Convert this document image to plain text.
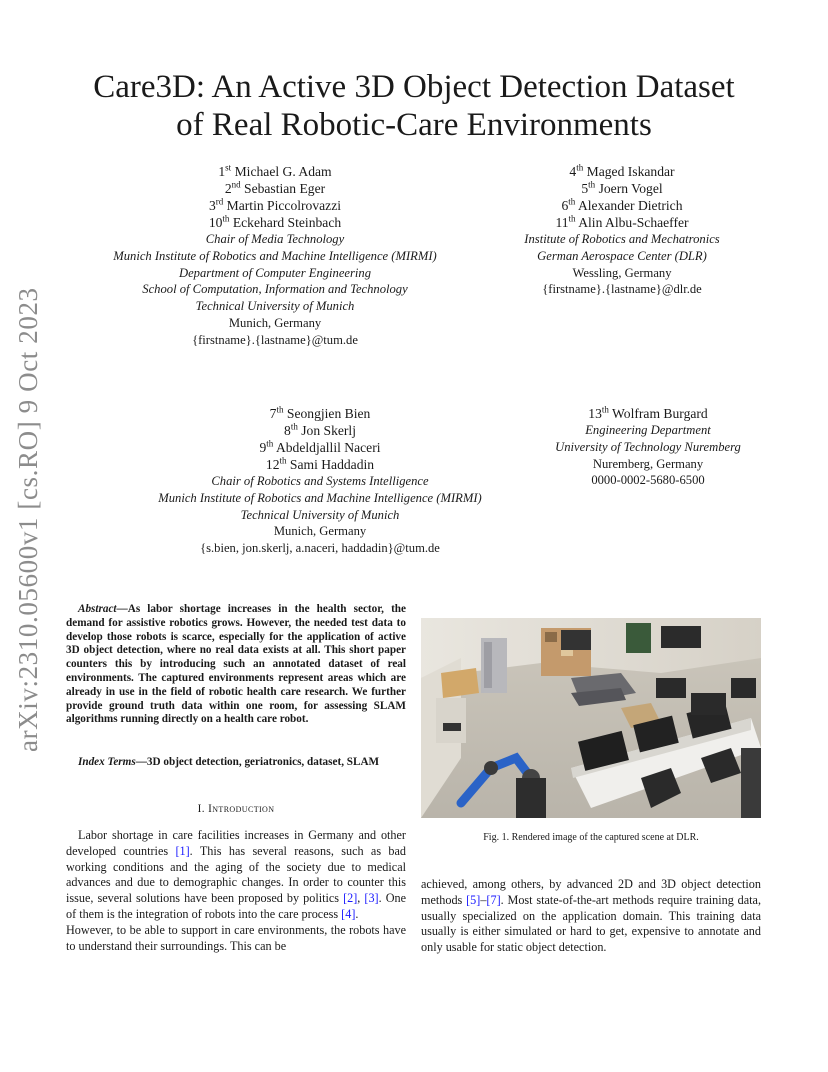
Care3D: An Active 3D Object Detection Dataset
of Real Robotic-Care Environments
arXiv:2310.05600v1 [cs.RO] 9 Oct 2023
1st Michael G. Adam
2nd Sebastian Eger
3rd Martin Piccolrovazzi
10th Eckehard Steinbach
Chair of Media Technology
Munich Institute of Robotics and Machine Intelligence (MIRMI)
Department of Computer Engineering
School of Computation, Information and Technology
Technical University of Munich
Munich, Germany
{firstname}.{lastname}@tum.de
4th Maged Iskandar
5th Joern Vogel
6th Alexander Dietrich
11th Alin Albu-Schaeffer
Institute of Robotics and Mechatronics
German Aerospace Center (DLR)
Wessling, Germany
{firstname}.{lastname}@dlr.de
7th Seongjien Bien
8th Jon Skerlj
9th Abdeldjallil Naceri
12th Sami Haddadin
Chair of Robotics and Systems Intelligence
Munich Institute of Robotics and Machine Intelligence (MIRMI)
Technical University of Munich
Munich, Germany
{s.bien, jon.skerlj, a.naceri, haddadin}@tum.de
13th Wolfram Burgard
Engineering Department
University of Technology Nuremberg
Nuremberg, Germany
0000-0002-5680-6500
Abstract—As labor shortage increases in the health sector, the demand for assistive robotics grows. However, the needed test data to develop those robots is scarce, especially for the application of active 3D object detection, where no real data exists at all. This short paper counters this by introducing such an annotated dataset of real environments. The captured environments represent areas which are already in use in the field of robotic health care research. We further provide ground truth data within one room, for assessing SLAM algorithms running directly on a health care robot.
Index Terms—3D object detection, geriatronics, dataset, SLAM
I. Introduction

Labor shortage in care facilities increases in Germany and other developed countries [1]. This has several reasons, such as bad working conditions and the aging of the society due to medical advances and due to demographic changes. In order to counter this issue, several solutions have been proposed by politics [2], [3]. One of them is the integration of robots into the care process [4].

However, to be able to support in care environments, the robots have to understand their surroundings. This can be

Fig. 1. Rendered image of the captured scene at DLR.

achieved, among others, by advanced 2D and 3D object detection methods [5]–[7]. Most state-of-the-art methods require training data, usually specialized on the application domain. This training data usually is either simulated or hard to get, expensive to annotate and only usable for static object detection.
